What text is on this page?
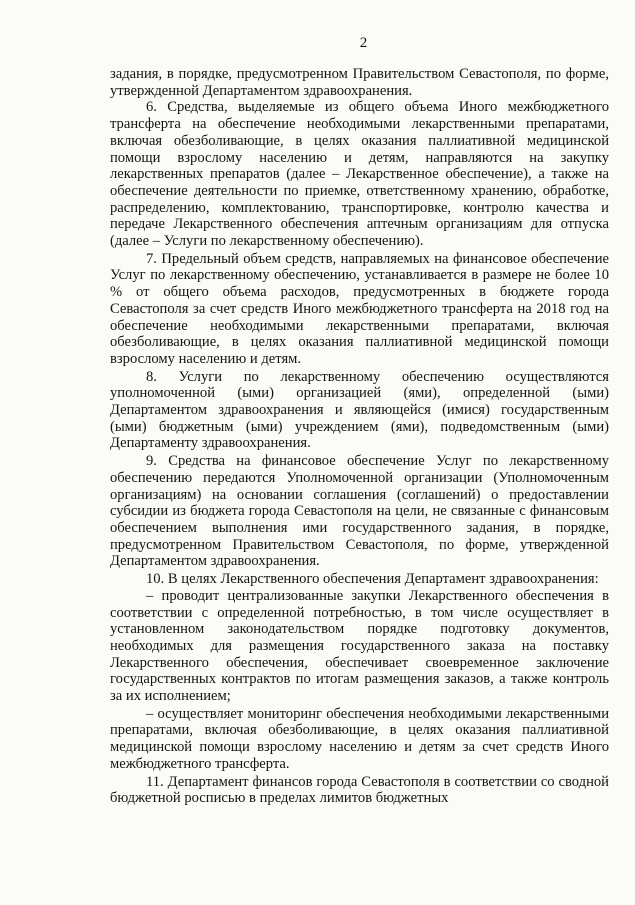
2

задания, в порядке, предусмотренном Правительством Севастополя, по форме, утвержденной Департаментом здравоохранения.

6. Средства, выделяемые из общего объема Иного межбюджетного трансферта на обеспечение необходимыми лекарственными препаратами, включая обезболивающие, в целях оказания паллиативной медицинской помощи взрослому населению и детям, направляются на закупку лекарственных препаратов (далее – Лекарственное обеспечение), а также на обеспечение деятельности по приемке, ответственному хранению, обработке, распределению, комплектованию, транспортировке, контролю качества и передаче Лекарственного обеспечения аптечным организациям для отпуска (далее – Услуги по лекарственному обеспечению).

7. Предельный объем средств, направляемых на финансовое обеспечение Услуг по лекарственному обеспечению, устанавливается в размере не более 10 % от общего объема расходов, предусмотренных в бюджете города Севастополя за счет средств Иного межбюджетного трансферта на 2018 год на обеспечение необходимыми лекарственными препаратами, включая обезболивающие, в целях оказания паллиативной медицинской помощи взрослому населению и детям.

8. Услуги по лекарственному обеспечению осуществляются уполномоченной (ыми) организацией (ями), определенной (ыми) Департаментом здравоохранения и являющейся (имися) государственным (ыми) бюджетным (ыми) учреждением (ями), подведомственным (ыми) Департаменту здравоохранения.

9. Средства на финансовое обеспечение Услуг по лекарственному обеспечению передаются Уполномоченной организации (Уполномоченным организациям) на основании соглашения (соглашений) о предоставлении субсидии из бюджета города Севастополя на цели, не связанные с финансовым обеспечением выполнения ими государственного задания, в порядке, предусмотренном Правительством Севастополя, по форме, утвержденной Департаментом здравоохранения.

10. В целях Лекарственного обеспечения Департамент здравоохранения:

– проводит централизованные закупки Лекарственного обеспечения в соответствии с определенной потребностью, в том числе осуществляет в установленном законодательством порядке подготовку документов, необходимых для размещения государственного заказа на поставку Лекарственного обеспечения, обеспечивает своевременное заключение государственных контрактов по итогам размещения заказов, а также контроль за их исполнением;

– осуществляет мониторинг обеспечения необходимыми лекарственными препаратами, включая обезболивающие, в целях оказания паллиативной медицинской помощи взрослому населению и детям за счет средств Иного межбюджетного трансферта.

11. Департамент финансов города Севастополя в соответствии со сводной бюджетной росписью в пределах лимитов бюджетных
